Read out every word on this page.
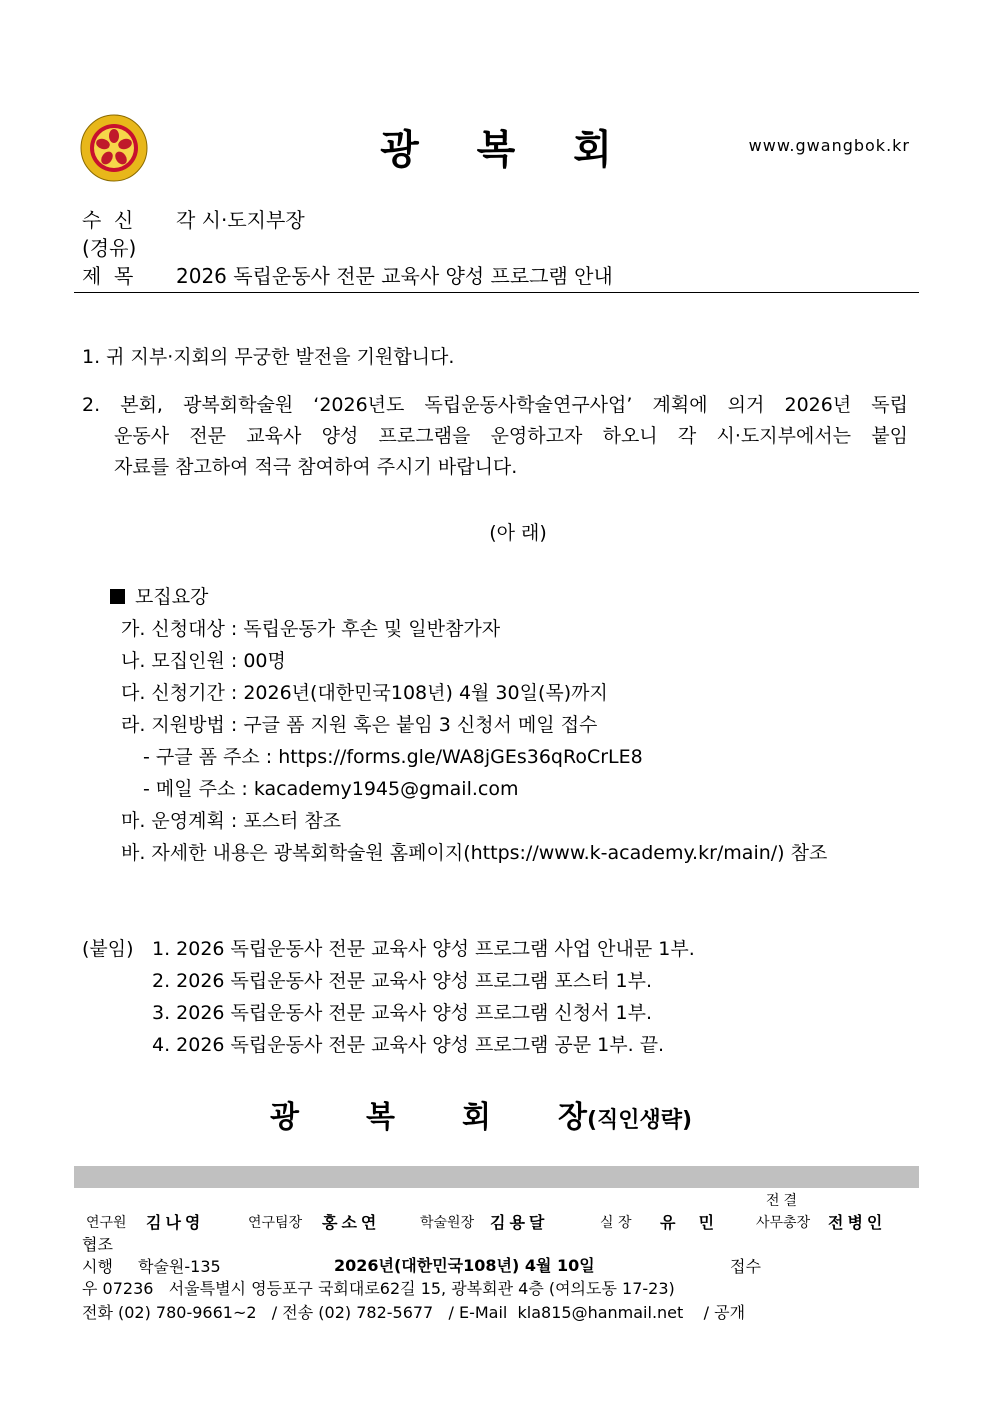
광 복 회	www.gwangbok.kr
수  신 각 시·도지부장
(경유)
제  목 2026 독립운동사 전문 교육사 양성 프로그램 안내
1. 귀 지부·지회의 무궁한 발전을 기원합니다.
2. 본회, 광복회학술원 ‘2026년도 독립운동사학술연구사업’ 계획에 의거 2026년 독립
운동사 전문 교육사 양성 프로그램을 운영하고자 하오니 각 시·도지부에서는 붙임
자료를 참고하여 적극 참여하여 주시기 바랍니다.
(아 래)
모집요강
가. 신청대상 : 독립운동가 후손 및 일반참가자
나. 모집인원 : 00명
다. 신청기간 : 2026년(대한민국108년) 4월 30일(목)까지
라. 지원방법 : 구글 폼 지원 혹은 붙임 3 신청서 메일 접수
- 구글 폼 주소 : https://forms.gle/WA8jGEs36qRoCrLE8
- 메일 주소 : kacademy1945@gmail.com
마. 운영계획 : 포스터 참조
바. 자세한 내용은 광복회학술원 홈페이지(https://www.k-academy.kr/main/) 참조
(붙임) 1. 2026 독립운동사 전문 교육사 양성 프로그램 사업 안내문 1부.
2. 2026 독립운동사 전문 교육사 양성 프로그램 포스터 1부.
3. 2026 독립운동사 전문 교육사 양성 프로그램 신청서 1부.
4. 2026 독립운동사 전문 교육사 양성 프로그램 공문 1부. 끝.
광 복 회 장(직인생략)
전결
연구원 김나영	연구팀장 홍소연	학술원장 김용달	실 장 유  민	사무총장 전병인
협조
시행 학술원-135	2026년(대한민국108년) 4월 10일	접수
우 07236   서울특별시 영등포구 국회대로62길 15, 광복회관 4층 (여의도동 17-23)
전화 (02) 780-9661~2   / 전송 (02) 782-5677   / E-Mail  kla815@hanmail.net    / 공개
